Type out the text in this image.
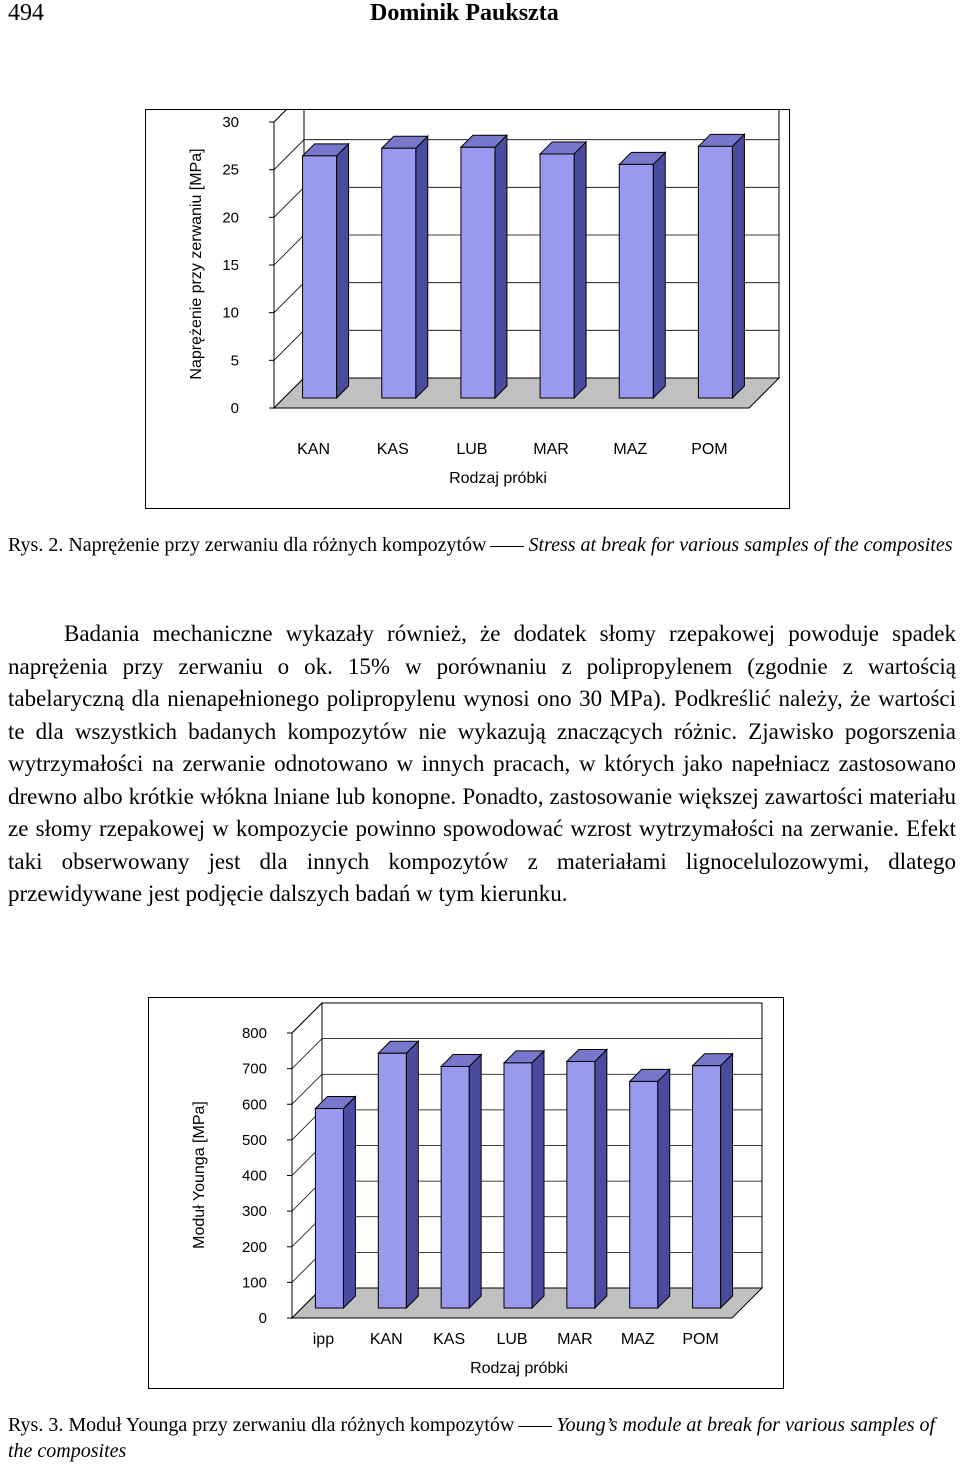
494	Dominik Paukszta
0
5
10
15
20
25
30
KAN	KAS	LUB	MAR	MAZ	POM
Rodzaj próbki
Naprężenie przy zerwaniu [MPa]
Rys. 2. Naprężenie przy zerwaniu dla różnych kompozytów Stress at break for various samples of the composites
Badania mechaniczne wykazały również, że dodatek słomy rzepakowej powoduje spadek naprężenia przy zerwaniu o ok. 15% w porównaniu z polipropylenem (zgodnie z wartością tabelaryczną dla nienapełnionego polipropylenu wynosi ono 30 MPa). Podkreślić należy, że wartości te dla wszystkich badanych kompozytów nie wykazują znaczących różnic. Zjawisko pogorszenia wytrzymałości na zerwanie odnotowano w innych pracach, w których jako napełniacz zastosowano drewno albo krótkie włókna lniane lub konopne. Ponadto, zastosowanie większej zawartości materiału ze słomy rzepakowej w kompozycie powinno spowodować wzrost wytrzymałości na zerwanie. Efekt taki obserwowany jest dla innych kompozytów z materiałami lignocelulozowymi, dlatego przewidywane jest podjęcie dalszych badań w tym kierunku.
0
100
200
300
400
500
600
700
800
ipp KAN KAS LUB MAR MAZ POM
Rodzaj próbki
Moduł Younga [MPa]
Rys. 3. Moduł Younga przy zerwaniu dla różnych kompozytów Young’s module at break for various samples of the composites
